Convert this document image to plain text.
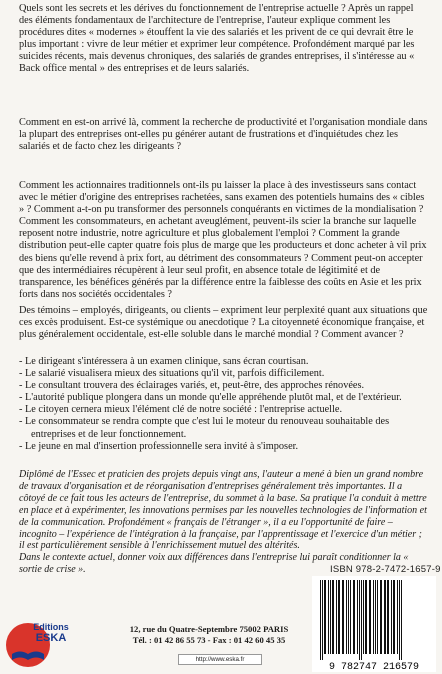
Quels sont les secrets et les dérives du fonctionnement de l'entreprise actuelle ? Après un rappel des éléments fondamentaux de l'architecture de l'entreprise, l'auteur explique comment les procédures dites « modernes » étouffent la vie des salariés et les privent de ce qui devrait être le plus important : vivre de leur métier et exprimer leur compétence. Profondément marqué par les suicides récents, mais devenus chroniques, des salariés de grandes entreprises, il s'intéresse au « Back office mental » des entreprises et de leurs salariés.

Comment en est-on arrivé là, comment la recherche de productivité et l'organisation mondiale dans la plupart des entreprises ont-elles pu générer autant de frustrations et d'inquiétudes chez les salariés et de facto chez les dirigeants ?

Comment les actionnaires traditionnels ont-ils pu laisser la place à des investisseurs sans contact avec le métier d'origine des entreprises rachetées, sans examen des potentiels humains des « cibles » ? Comment a-t-on pu transformer des personnels conquérants en victimes de la mondialisation ? Comment les consommateurs, en achetant aveuglément, peuvent-ils scier la branche sur laquelle reposent notre industrie, notre agriculture et plus globalement l'emploi ? Comment la grande distribution peut-elle capter quatre fois plus de marge que les producteurs et donc acheter à vil prix des biens qu'elle revend à prix fort, au détriment des consommateurs ? Comment peut-on accepter que des intermédiaires récupèrent à leur seul profit, en absence totale de légitimité et de transparence, les bénéfices générés par la différence entre la faiblesse des coûts en Asie et les prix forts dans nos sociétés occidentales ?

Des témoins – employés, dirigeants, ou clients – expriment leur perplexité quant aux situations que ces excès produisent. Est-ce systémique ou anecdotique ? La citoyenneté économique française, et plus généralement occidentale, est-elle soluble dans le marché mondial ? Comment avancer ?

- Le dirigeant s'intéressera à un examen clinique, sans écran courtisan.
- Le salarié visualisera mieux des situations qu'il vit, parfois difficilement.
- Le consultant trouvera des éclairages variés, et, peut-être, des approches rénovées.
- L'autorité publique plongera dans un monde qu'elle appréhende plutôt mal, et de l'extérieur.
- Le citoyen cernera mieux l'élément clé de notre société : l'entreprise actuelle.
- Le consommateur se rendra compte que c'est lui le moteur du renouveau souhaitable des entreprises et de leur fonctionnement.
- Le jeune en mal d'insertion professionnelle sera invité à s'imposer.

Diplômé de l'Essec et praticien des projets depuis vingt ans, l'auteur a mené à bien un grand nombre de travaux d'organisation et de réorganisation d'entreprises généralement très importantes. Il a côtoyé de ce fait tous les acteurs de l'entreprise, du sommet à la base. Sa pratique l'a conduit à mettre en place et à expérimenter, les innovations permises par les nouvelles technologies de l'information et de la communication. Profondément « français de l'étranger », il a eu l'opportunité de faire – incognito – l'expérience de l'intégration à la française, par l'apprentissage et l'exercice d'un métier ; il est particulièrement sensible à l'enrichissement mutuel des altérités.

Dans le contexte actuel, donner voix aux différences dans l'entreprise lui paraît conditionner la « sortie de crise ».	ISBN 978-2-7472-1657-9
9 782747 216579
Editions
ESKA
12, rue du Quatre-Septembre 75002 PARIS
Tél. : 01 42 86 55 73 - Fax : 01 42 60 45 35
http://www.eska.fr
